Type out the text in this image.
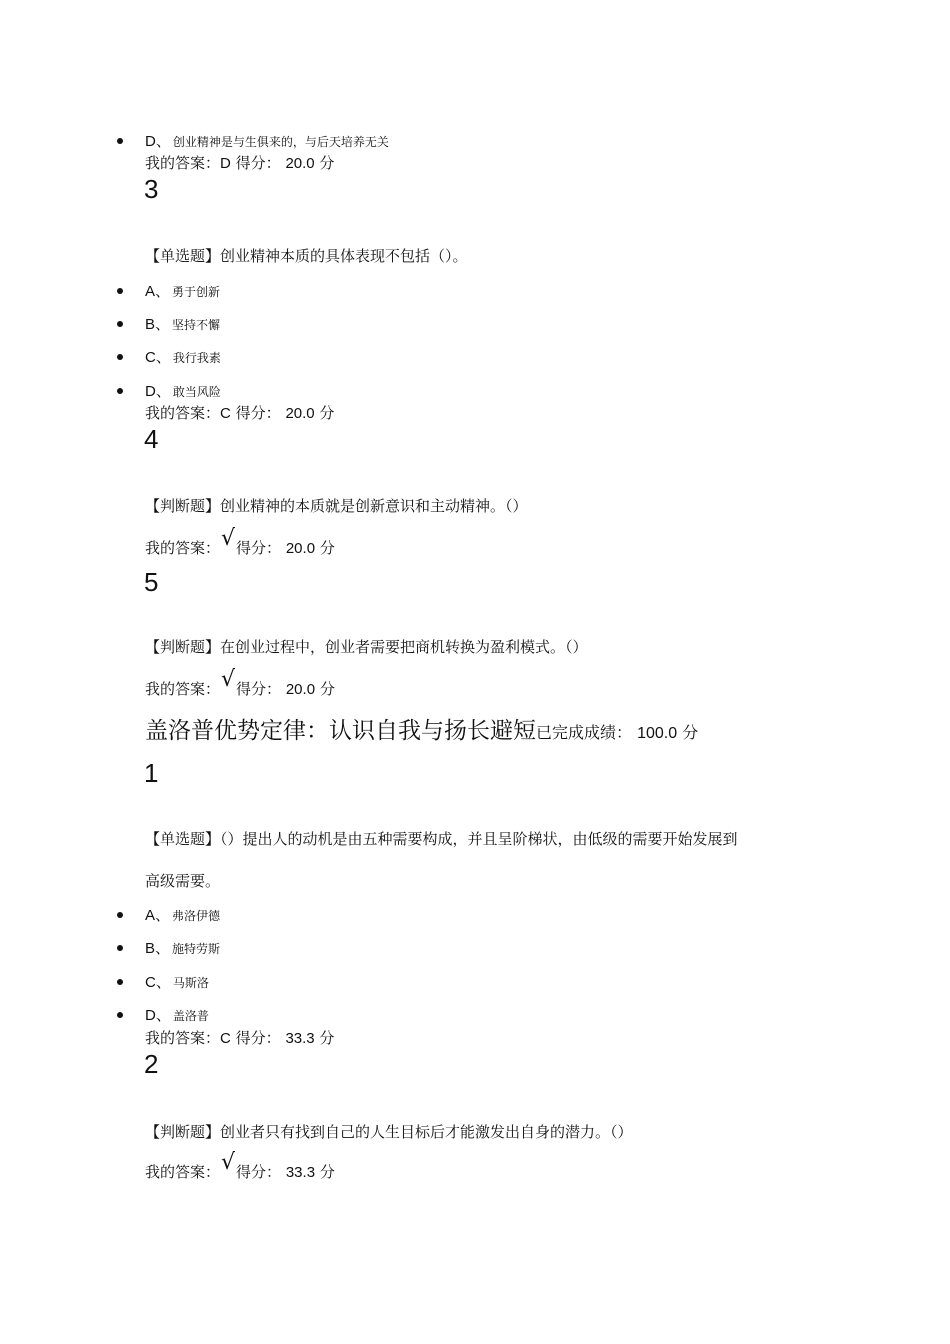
D、 创业精神是与生俱来的，与后天培养无关
我的答案：D 得分： 20.0 分
3
【单选题】创业精神本质的具体表现不包括（）。
A、 勇于创新
B、 坚持不懈
C、 我行我素
D、 敢当风险
我的答案：C 得分： 20.0 分
4
【判断题】创业精神的本质就是创新意识和主动精神。（）
我的答案：√得分： 20.0 分
5
【判断题】在创业过程中，创业者需要把商机转换为盈利模式。（）
我的答案：√得分： 20.0 分
盖洛普优势定律：认识自我与扬长避短已完成成绩： 100.0 分
1
【单选题】（）提出人的动机是由五种需要构成，并且呈阶梯状，由低级的需要开始发展到
高级需要。
A、 弗洛伊德
B、 施特劳斯
C、 马斯洛
D、 盖洛普
我的答案：C 得分： 33.3 分
2
【判断题】创业者只有找到自己的人生目标后才能激发出自身的潜力。（）
我的答案：√得分： 33.3 分
